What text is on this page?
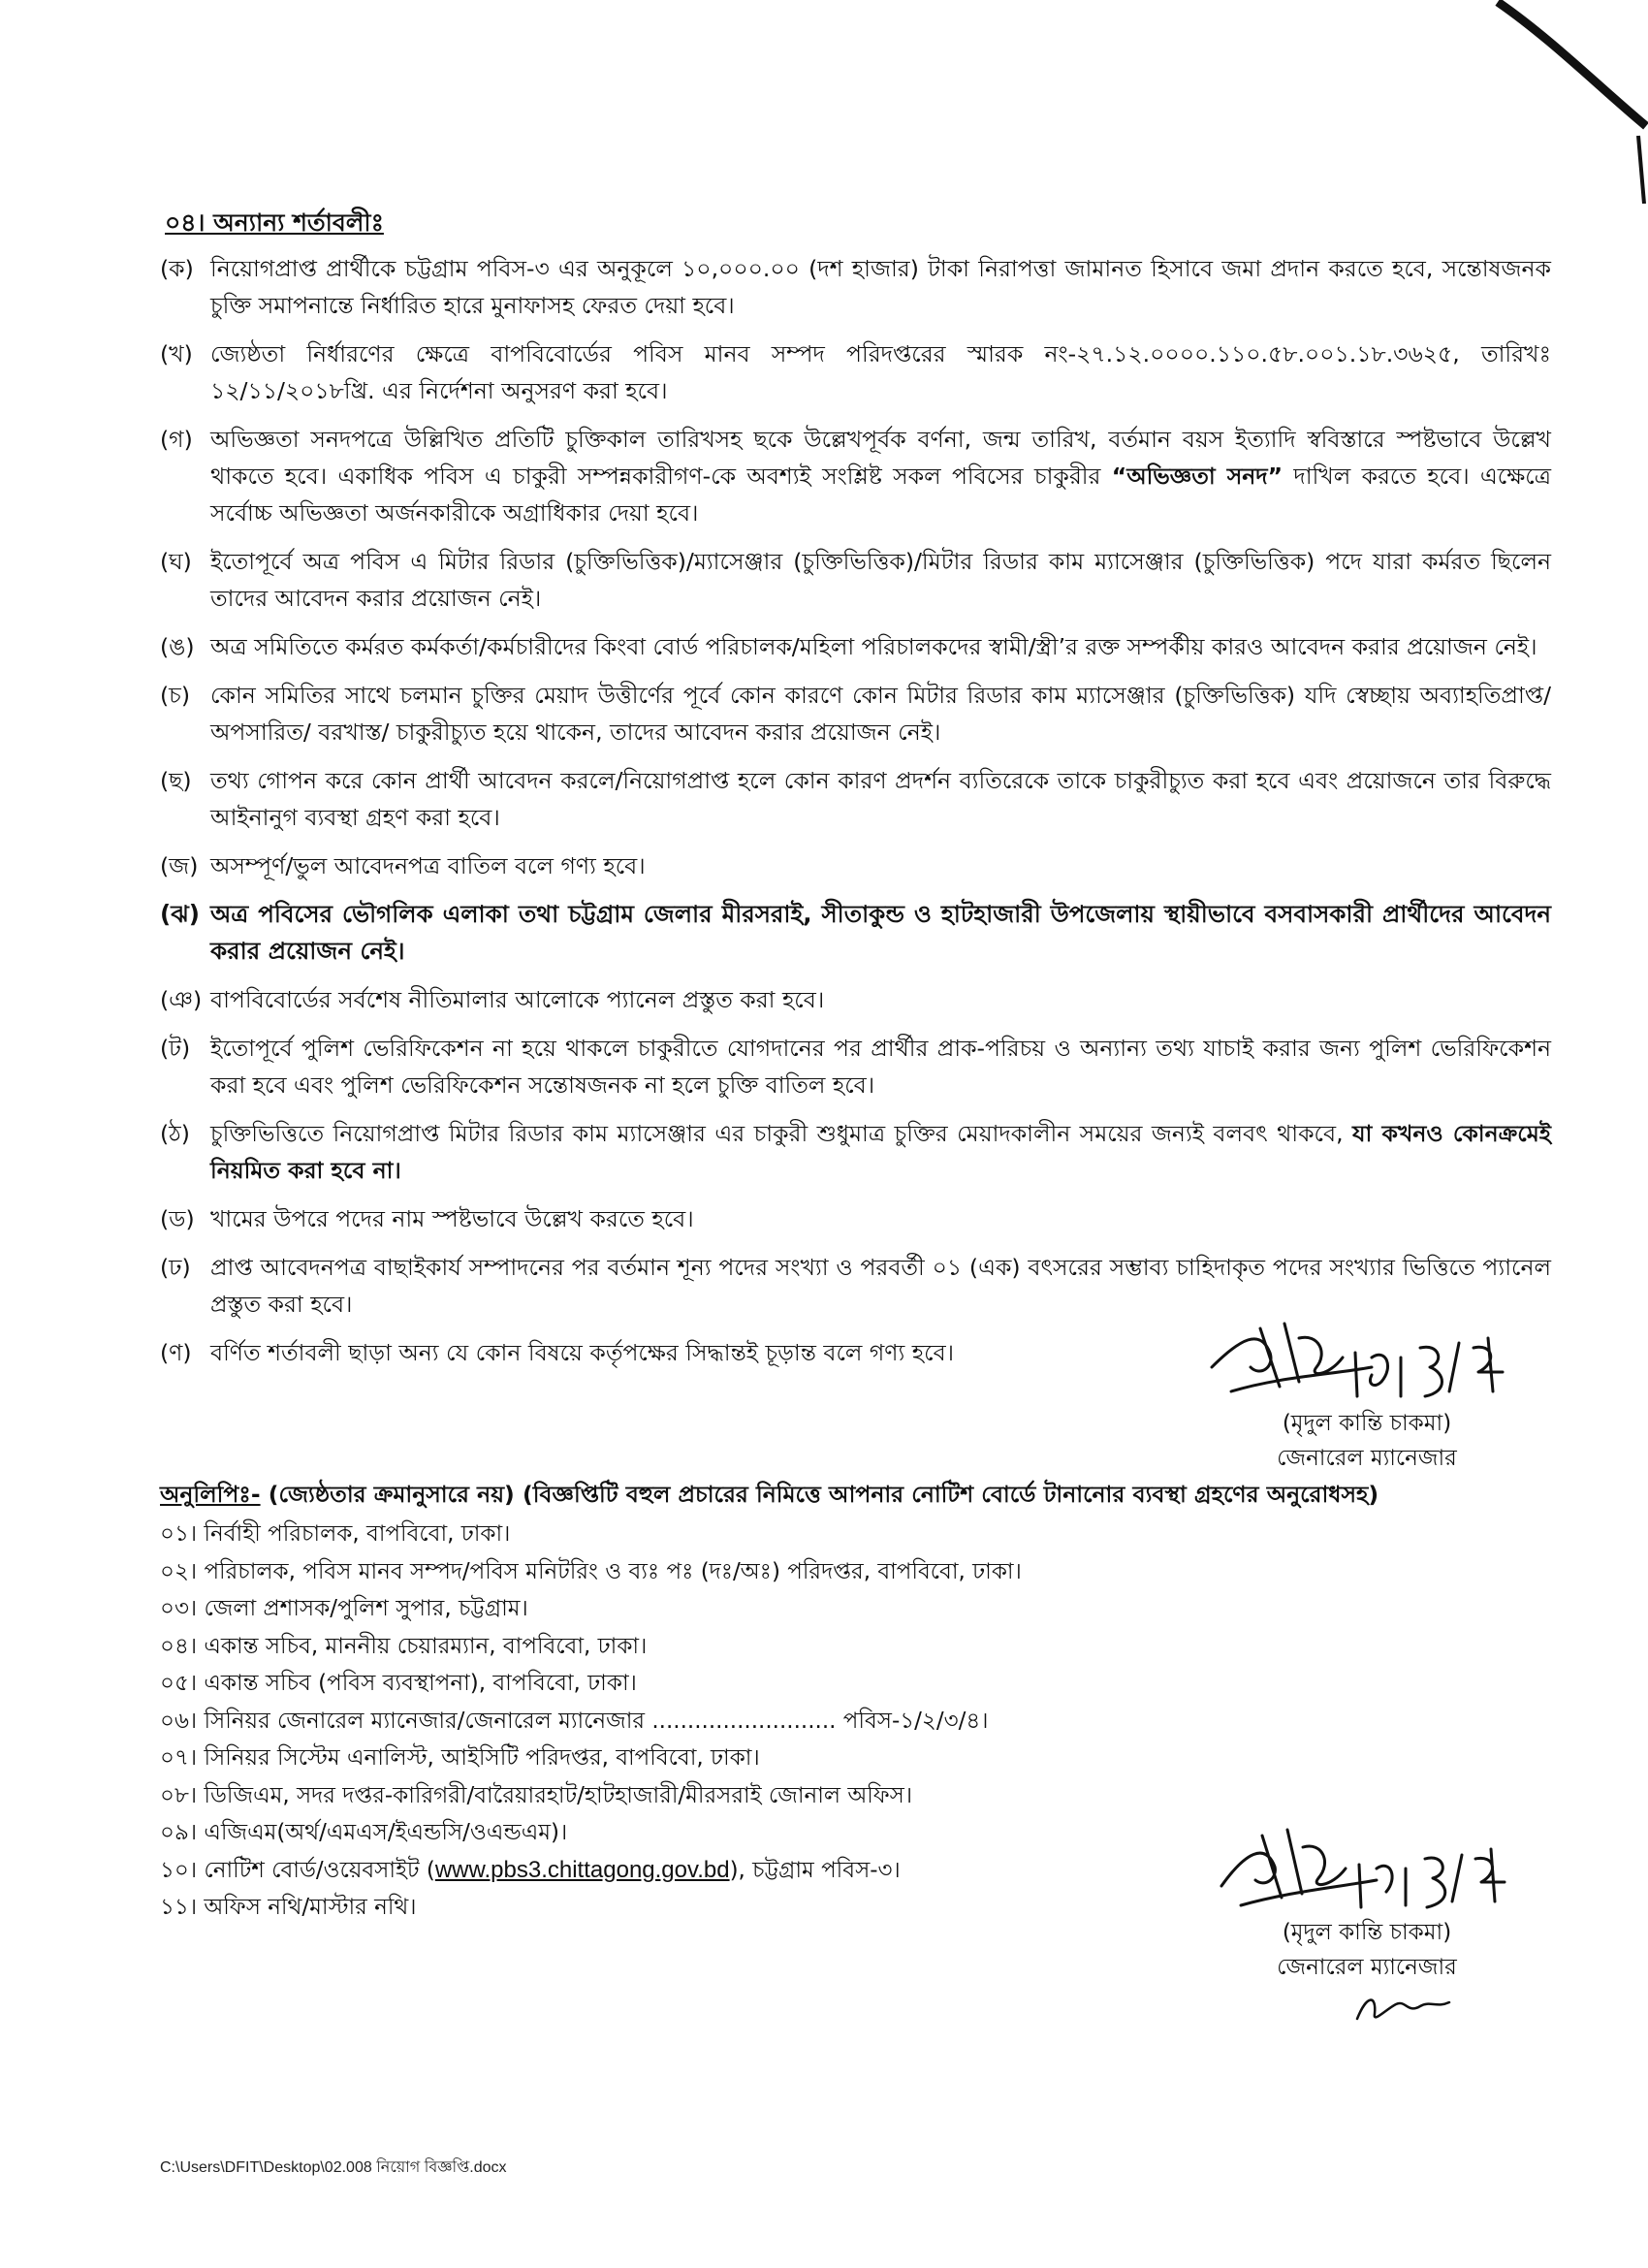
০৪। অন্যান্য শর্তাবলীঃ
(ক) নিয়োগপ্রাপ্ত প্রার্থীকে চট্টগ্রাম পবিস-৩ এর অনুকূলে ১০,০০০.০০ (দশ হাজার) টাকা নিরাপত্তা জামানত হিসাবে জমা প্রদান করতে হবে, সন্তোষজনক চুক্তি সমাপনান্তে নির্ধারিত হারে মুনাফাসহ ফেরত দেয়া হবে।
(খ) জ্যেষ্ঠতা নির্ধারণের ক্ষেত্রে বাপবিবোর্ডের পবিস মানব সম্পদ পরিদপ্তরের স্মারক নং-২৭.১২.০০০০.১১০.৫৮.০০১.১৮.৩৬২৫, তারিখঃ ১২/১১/২০১৮খ্রি. এর নির্দেশনা অনুসরণ করা হবে।
(গ) অভিজ্ঞতা সনদপত্রে উল্লিখিত প্রতিটি চুক্তিকাল তারিখসহ ছকে উল্লেখপূর্বক বর্ণনা, জন্ম তারিখ, বর্তমান বয়স ইত্যাদি স্ববিস্তারে স্পষ্টভাবে উল্লেখ থাকতে হবে। একাধিক পবিস এ চাকুরী সম্পন্নকারীগণ-কে অবশ্যই সংশ্লিষ্ট সকল পবিসের চাকুরীর “অভিজ্ঞতা সনদ” দাখিল করতে হবে। এক্ষেত্রে সর্বোচ্চ অভিজ্ঞতা অর্জনকারীকে অগ্রাধিকার দেয়া হবে।
(ঘ) ইতোপূর্বে অত্র পবিস এ মিটার রিডার (চুক্তিভিত্তিক)/ম্যাসেঞ্জার (চুক্তিভিত্তিক)/মিটার রিডার কাম ম্যাসেঞ্জার (চুক্তিভিত্তিক) পদে যারা কর্মরত ছিলেন তাদের আবেদন করার প্রয়োজন নেই।
(ঙ) অত্র সমিতিতে কর্মরত কর্মকর্তা/কর্মচারীদের কিংবা বোর্ড পরিচালক/মহিলা পরিচালকদের স্বামী/স্ত্রী’র রক্ত সম্পর্কীয় কারও আবেদন করার প্রয়োজন নেই।
(চ) কোন সমিতির সাথে চলমান চুক্তির মেয়াদ উত্তীর্ণের পূর্বে কোন কারণে কোন মিটার রিডার কাম ম্যাসেঞ্জার (চুক্তিভিত্তিক) যদি স্বেচ্ছায় অব্যাহতিপ্রাপ্ত/ অপসারিত/ বরখাস্ত/ চাকুরীচ্যুত হয়ে থাকেন, তাদের আবেদন করার প্রয়োজন নেই।
(ছ) তথ্য গোপন করে কোন প্রার্থী আবেদন করলে/নিয়োগপ্রাপ্ত হলে কোন কারণ প্রদর্শন ব্যতিরেকে তাকে চাকুরীচ্যুত করা হবে এবং প্রয়োজনে তার বিরুদ্ধে আইনানুগ ব্যবস্থা গ্রহণ করা হবে।
(জ) অসম্পূর্ণ/ভুল আবেদনপত্র বাতিল বলে গণ্য হবে।
(ঝ) অত্র পবিসের ভৌগলিক এলাকা তথা চট্টগ্রাম জেলার মীরসরাই, সীতাকুন্ড ও হাটহাজারী উপজেলায় স্থায়ীভাবে বসবাসকারী প্রার্থীদের আবেদন করার প্রয়োজন নেই।
(ঞ) বাপবিবোর্ডের সর্বশেষ নীতিমালার আলোকে প্যানেল প্রস্তুত করা হবে।
(ট) ইতোপূর্বে পুলিশ ভেরিফিকেশন না হয়ে থাকলে চাকুরীতে যোগদানের পর প্রার্থীর প্রাক-পরিচয় ও অন্যান্য তথ্য যাচাই করার জন্য পুলিশ ভেরিফিকেশন করা হবে এবং পুলিশ ভেরিফিকেশন সন্তোষজনক না হলে চুক্তি বাতিল হবে।
(ঠ) চুক্তিভিত্তিতে নিয়োগপ্রাপ্ত মিটার রিডার কাম ম্যাসেঞ্জার এর চাকুরী শুধুমাত্র চুক্তির মেয়াদকালীন সময়ের জন্যই বলবৎ থাকবে, যা কখনও কোনক্রমেই নিয়মিত করা হবে না।
(ড) খামের উপরে পদের নাম স্পষ্টভাবে উল্লেখ করতে হবে।
(ঢ) প্রাপ্ত আবেদনপত্র বাছাইকার্য সম্পাদনের পর বর্তমান শূন্য পদের সংখ্যা ও পরবর্তী ০১ (এক) বৎসরের সম্ভাব্য চাহিদাকৃত পদের সংখ্যার ভিত্তিতে প্যানেল প্রস্তুত করা হবে।
(ণ) বর্ণিত শর্তাবলী ছাড়া অন্য যে কোন বিষয়ে কর্তৃপক্ষের সিদ্ধান্তই চূড়ান্ত বলে গণ্য হবে।
(মৃদুল কান্তি চাকমা)
জেনারেল ম্যানেজার
অনুলিপিঃ- (জ্যেষ্ঠতার ক্রমানুসারে নয়) (বিজ্ঞপ্তিটি বহুল প্রচারের নিমিত্তে আপনার নোটিশ বোর্ডে টানানোর ব্যবস্থা গ্রহণের অনুরোধসহ)
০১। নির্বাহী পরিচালক, বাপবিবো, ঢাকা।
০২। পরিচালক, পবিস মানব সম্পদ/পবিস মনিটরিং ও ব্যঃ পঃ (দঃ/অঃ) পরিদপ্তর, বাপবিবো, ঢাকা।
০৩। জেলা প্রশাসক/পুলিশ সুপার, চট্টগ্রাম।
০৪। একান্ত সচিব, মাননীয় চেয়ারম্যান, বাপবিবো, ঢাকা।
০৫। একান্ত সচিব (পবিস ব্যবস্থাপনা), বাপবিবো, ঢাকা।
০৬। সিনিয়র জেনারেল ম্যানেজার/জেনারেল ম্যানেজার .......................... পবিস-১/২/৩/৪।
০৭। সিনিয়র সিস্টেম এনালিস্ট, আইসিটি পরিদপ্তর, বাপবিবো, ঢাকা।
০৮। ডিজিএম, সদর দপ্তর-কারিগরী/বারৈয়ারহাট/হাটহাজারী/মীরসরাই জোনাল অফিস।
০৯। এজিএম(অর্থ/এমএস/ইএন্ডসি/ওএন্ডএম)।
১০। নোটিশ বোর্ড/ওয়েবসাইট (www.pbs3.chittagong.gov.bd), চট্টগ্রাম পবিস-৩।
১১। অফিস নথি/মাস্টার নথি।
(মৃদুল কান্তি চাকমা)
জেনারেল ম্যানেজার
C:\Users\DFIT\Desktop\02.008 নিয়োগ বিজ্ঞপ্তি.docx
